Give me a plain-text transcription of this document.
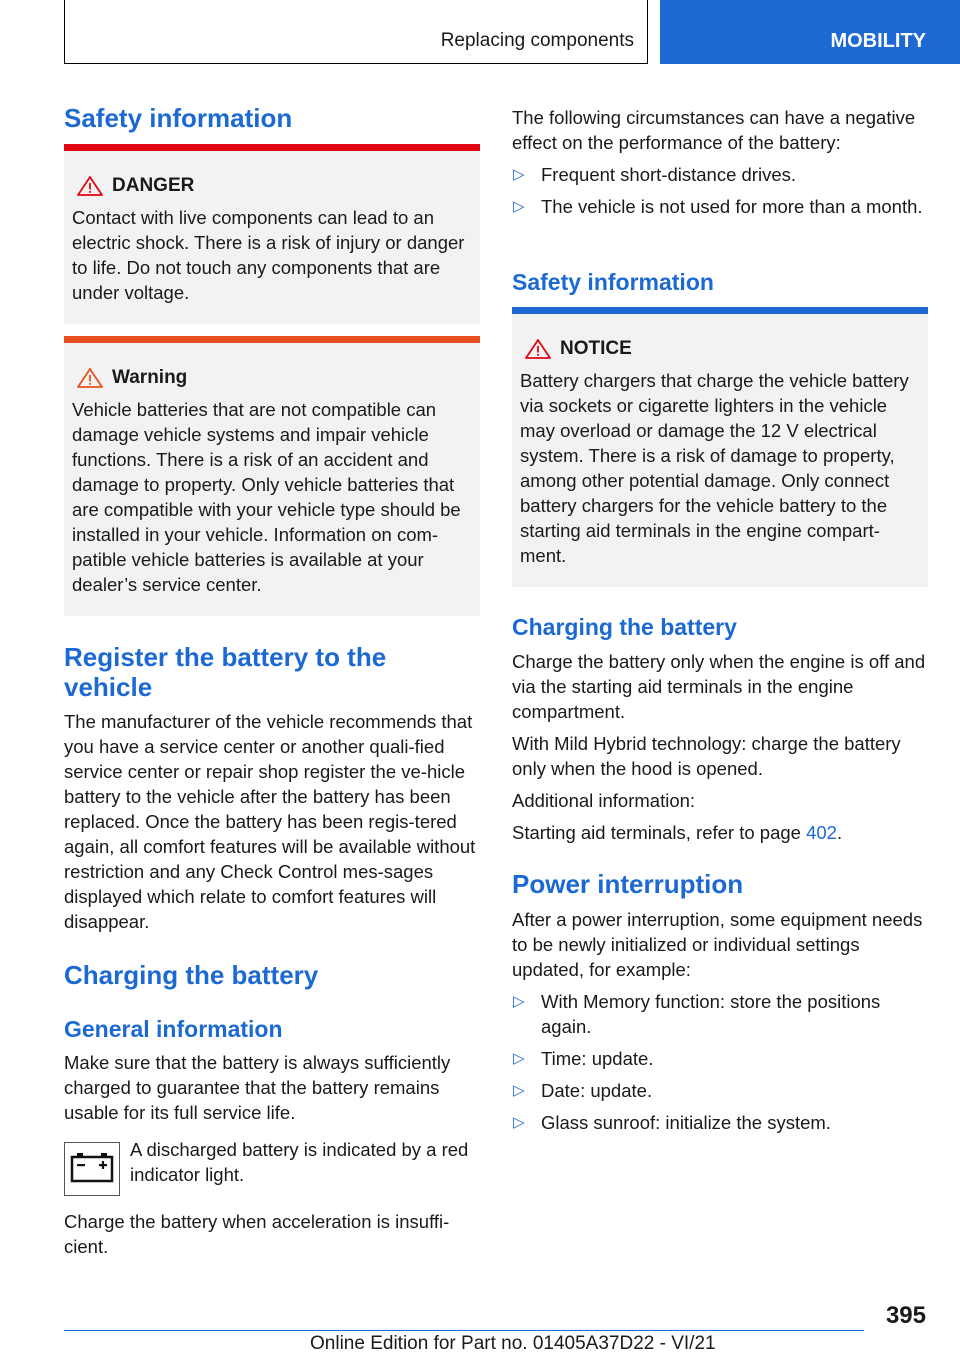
Replacing components	MOBILITY
Safety information
DANGER
Contact with live components can lead to an electric shock. There is a risk of injury or danger to life. Do not touch any components that are under voltage.
Warning
Vehicle batteries that are not compatible can damage vehicle systems and impair vehicle functions. There is a risk of an accident and damage to property. Only vehicle batteries that are compatible with your vehicle type should be installed in your vehicle. Information on com-patible vehicle batteries is available at your dealer’s service center.
Register the battery to the vehicle

The manufacturer of the vehicle recommends that you have a service center or another quali-fied service center or repair shop register the ve-hicle battery to the vehicle after the battery has been replaced. Once the battery has been regis-tered again, all comfort features will be available without restriction and any Check Control mes-sages displayed which relate to comfort features will disappear.

Charging the battery
General information

Make sure that the battery is always sufficiently charged to guarantee that the battery remains usable for its full service life.

A discharged battery is indicated by a red indicator light.

Charge the battery when acceleration is insuffi-cient.

The following circumstances can have a negative effect on the performance of the battery:

▷ Frequent short-distance drives.
▷ The vehicle is not used for more than a month.
Safety information
NOTICE
Battery chargers that charge the vehicle battery via sockets or cigarette lighters in the vehicle may overload or damage the 12 V electrical system. There is a risk of damage to property, among other potential damage. Only connect battery chargers for the vehicle battery to the starting aid terminals in the engine compart-ment.
Charging the battery

Charge the battery only when the engine is off and via the starting aid terminals in the engine compartment.

With Mild Hybrid technology: charge the battery only when the hood is opened.

Additional information:

Starting aid terminals, refer to page 402.

Power interruption

After a power interruption, some equipment needs to be newly initialized or individual settings updated, for example:

▷ With Memory function: store the positions again.
▷ Time: update.
▷ Date: update.
▷ Glass sunroof: initialize the system.
395
Online Edition for Part no. 01405A37D22 - VI/21
